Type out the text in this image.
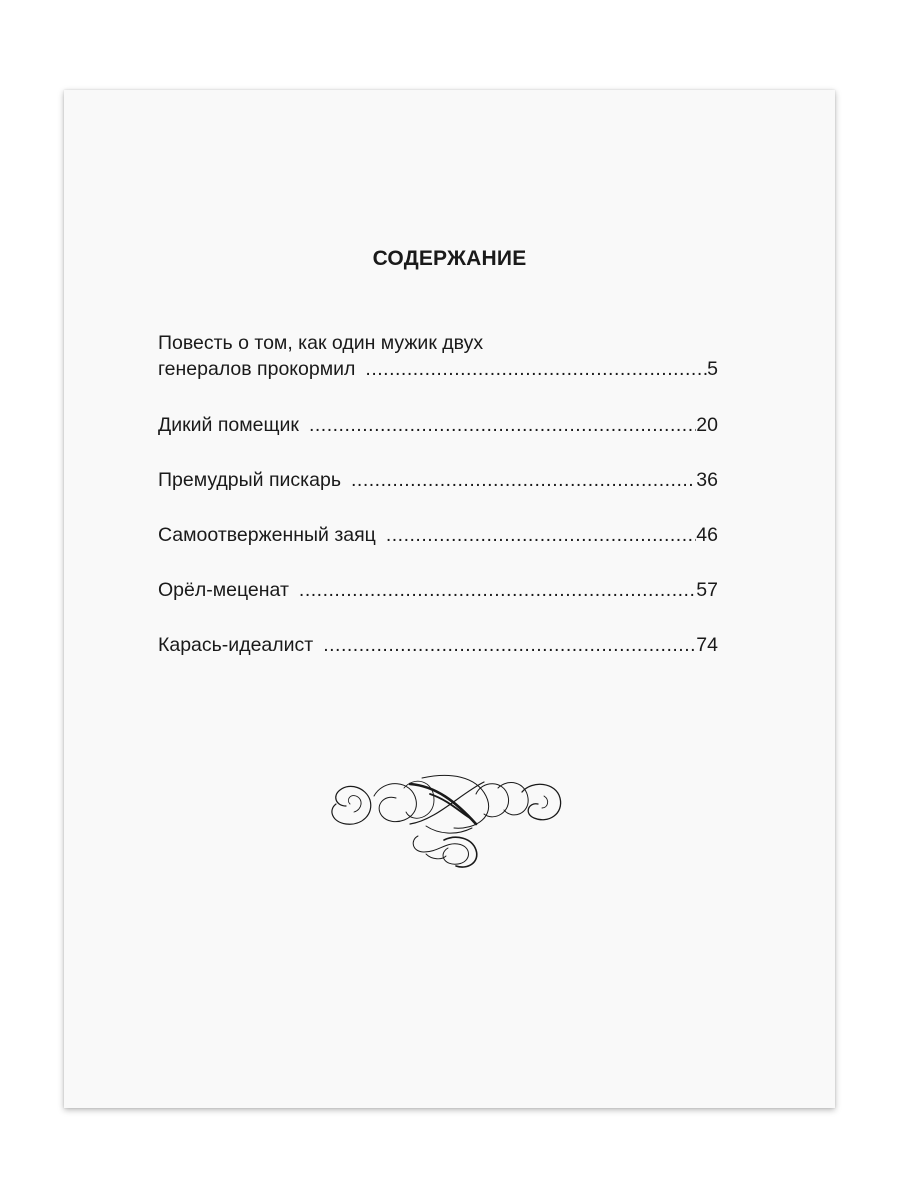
СОДЕРЖАНИЕ
Повесть о том, как один мужик двух
генералов прокормил .....	5
Дикий помещик .....	20
Премудрый пискарь .....	36
Самоотверженный заяц .....	46
Орёл-меценат .....	57
Карась-идеалист .....	74
